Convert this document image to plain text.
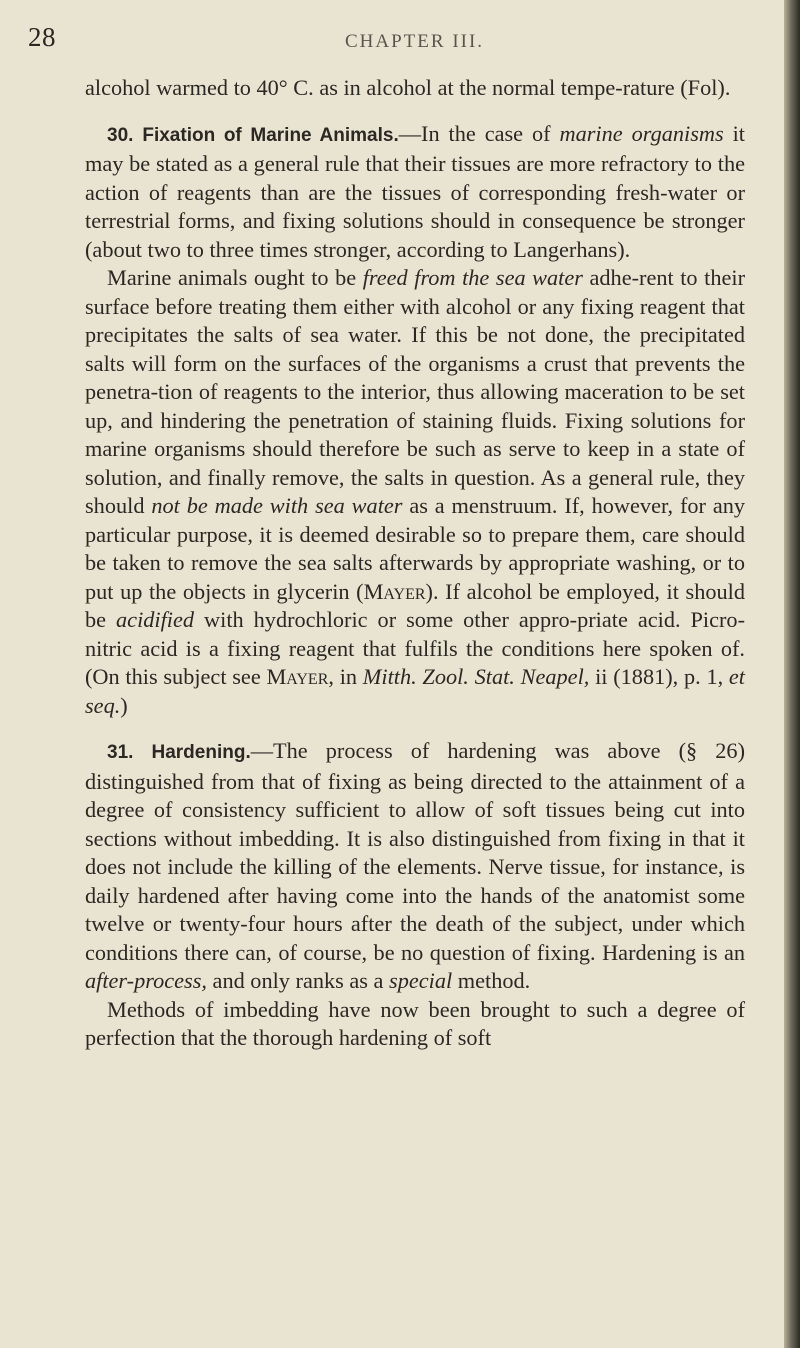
28	CHAPTER III.

alcohol warmed to 40° C. as in alcohol at the normal tempe-rature (Fol).

30. Fixation of Marine Animals.—In the case of marine organisms it may be stated as a general rule that their tissues are more refractory to the action of reagents than are the tissues of corresponding fresh-water or terrestrial forms, and fixing solutions should in consequence be stronger (about two to three times stronger, according to Langerhans).

Marine animals ought to be freed from the sea water adhe-rent to their surface before treating them either with alcohol or any fixing reagent that precipitates the salts of sea water. If this be not done, the precipitated salts will form on the surfaces of the organisms a crust that prevents the penetra-tion of reagents to the interior, thus allowing maceration to be set up, and hindering the penetration of staining fluids. Fixing solutions for marine organisms should therefore be such as serve to keep in a state of solution, and finally remove, the salts in question. As a general rule, they should not be made with sea water as a menstruum. If, however, for any particular purpose, it is deemed desirable so to prepare them, care should be taken to remove the sea salts afterwards by appropriate washing, or to put up the objects in glycerin (Mayer). If alcohol be employed, it should be acidified with hydrochloric or some other appro-priate acid. Picro-nitric acid is a fixing reagent that fulfils the conditions here spoken of. (On this subject see Mayer, in Mitth. Zool. Stat. Neapel, ii (1881), p. 1, et seq.)

31. Hardening.—The process of hardening was above (§ 26) distinguished from that of fixing as being directed to the attainment of a degree of consistency sufficient to allow of soft tissues being cut into sections without imbedding. It is also distinguished from fixing in that it does not include the killing of the elements. Nerve tissue, for instance, is daily hardened after having come into the hands of the anatomist some twelve or twenty-four hours after the death of the subject, under which conditions there can, of course, be no question of fixing. Hardening is an after-process, and only ranks as a special method.

Methods of imbedding have now been brought to such a degree of perfection that the thorough hardening of soft
